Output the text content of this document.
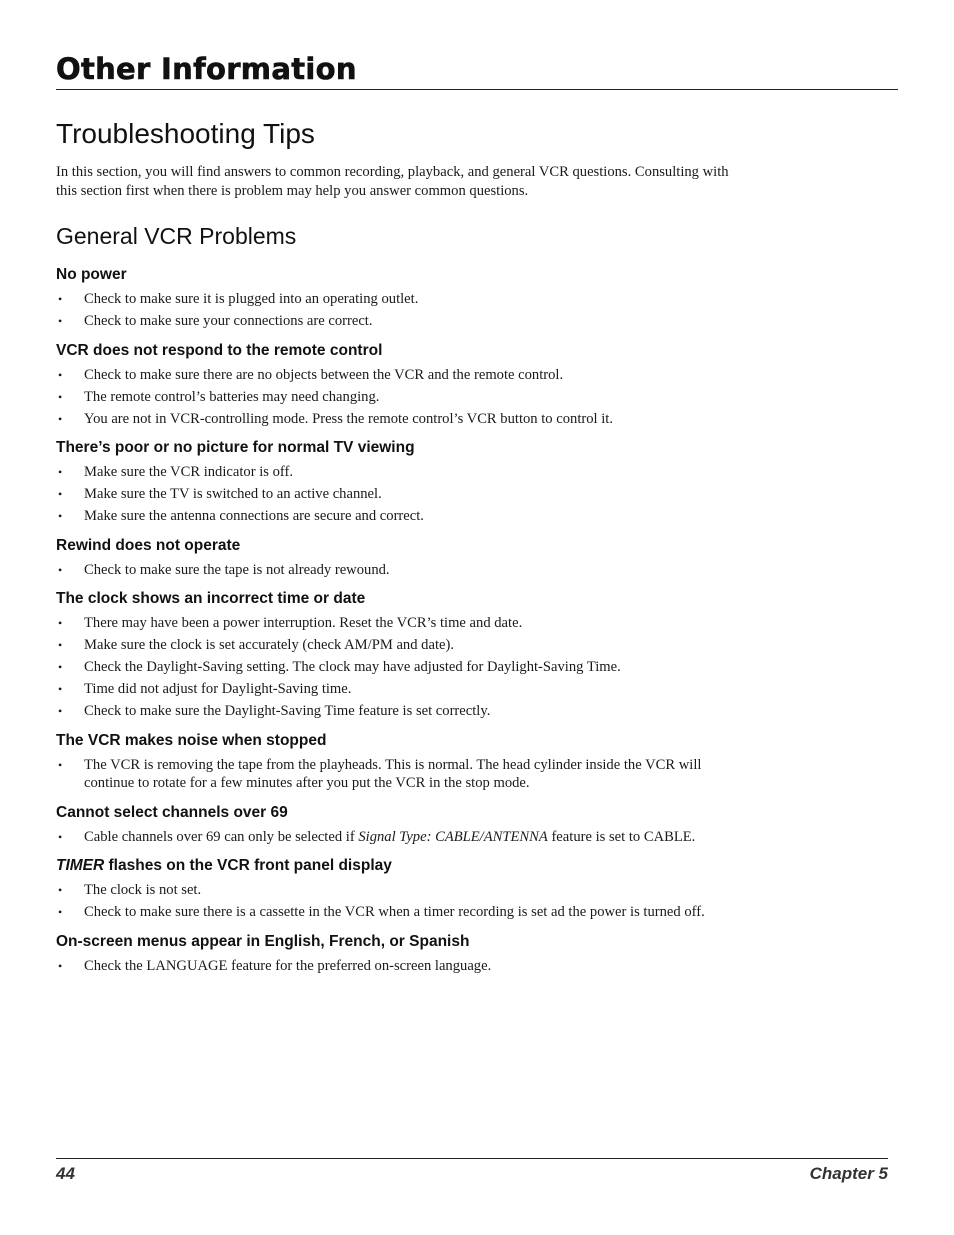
Other Information
Troubleshooting Tips

In this section, you will find answers to common recording, playback, and general VCR questions. Consulting with this section first when there is problem may help you answer common questions.

General VCR Problems
No power
• Check to make sure it is plugged into an operating outlet.
• Check to make sure your connections are correct.
VCR does not respond to the remote control
• Check to make sure there are no objects between the VCR and the remote control.
• The remote control’s batteries may need changing.
• You are not in VCR-controlling mode. Press the remote control’s VCR button to control it.
There’s poor or no picture for normal TV viewing
• Make sure the VCR indicator is off.
• Make sure the TV is switched to an active channel.
• Make sure the antenna connections are secure and correct.
Rewind does not operate
• Check to make sure the tape is not already rewound.
The clock shows an incorrect time or date
• There may have been a power interruption. Reset the VCR’s time and date.
• Make sure the clock is set accurately (check AM/PM and date).
• Check the Daylight-Saving setting. The clock may have adjusted for Daylight-Saving Time.
• Time did not adjust for Daylight-Saving time.
• Check to make sure the Daylight-Saving Time feature is set correctly.
The VCR makes noise when stopped
• The VCR is removing the tape from the playheads. This is normal. The head cylinder inside the VCR will continue to rotate for a few minutes after you put the VCR in the stop mode.
Cannot select channels over 69
• Cable channels over 69 can only be selected if Signal Type: CABLE/ANTENNA feature is set to CABLE.
TIMER flashes on the VCR front panel display
• The clock is not set.
• Check to make sure there is a cassette in the VCR when a timer recording is set ad the power is turned off.
On-screen menus appear in English, French, or Spanish
• Check the LANGUAGE feature for the preferred on-screen language.
44	Chapter 5
